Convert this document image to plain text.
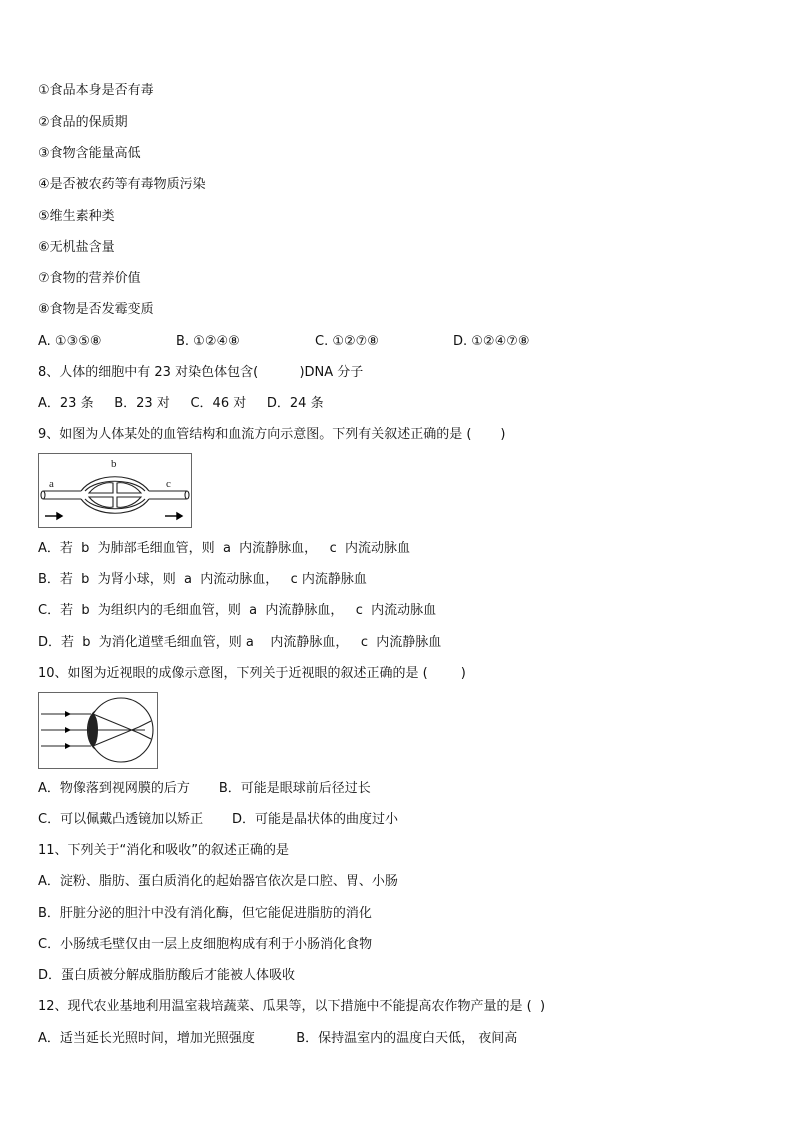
①食品本身是否有毒
②食品的保质期
③食物含能量高低
④是否被农药等有毒物质污染
⑤维生素种类
⑥无机盐含量
⑦食物的营养价值
⑧食物是否发霉变质
A. ①③⑤⑧	B. ①②④⑧	C. ①②⑦⑧	D. ①②④⑦⑧
8、人体的细胞中有 23 对染色体包含(          )DNA 分子
A．23 条     B．23 对     C．46 对     D．24 条
9、如图为人体某处的血管结构和血流方向示意图。下列有关叙述正确的是 (       )
a
b
c
A．若  b  为肺部毛细血管，则  a  内流静脉血，   c  内流动脉血
B．若  b  为肾小球，则  a  内流动脉血，   c 内流静脉血
C．若  b  为组织内的毛细血管，则  a  内流静脉血，   c  内流动脉血
D．若  b  为消化道壁毛细血管，则 a    内流静脉血，   c  内流静脉血
10、如图为近视眼的成像示意图，下列关于近视眼的叙述正确的是 (        )
A．物像落到视网膜的后方       B．可能是眼球前后径过长
C．可以佩戴凸透镜加以矫正       D．可能是晶状体的曲度过小
11、下列关于“消化和吸收”的叙述正确的是
A．淀粉、脂肪、蛋白质消化的起始器官依次是口腔、胃、小肠
B．肝脏分泌的胆汁中没有消化酶，但它能促进脂肪的消化
C．小肠绒毛壁仅由一层上皮细胞构成有利于小肠消化食物
D．蛋白质被分解成脂肪酸后才能被人体吸收
12、现代农业基地利用温室栽培蔬菜、瓜果等，以下措施中不能提高农作物产量的是 (  )
A．适当延长光照时间，增加光照强度          B．保持温室内的温度白天低， 夜间高
